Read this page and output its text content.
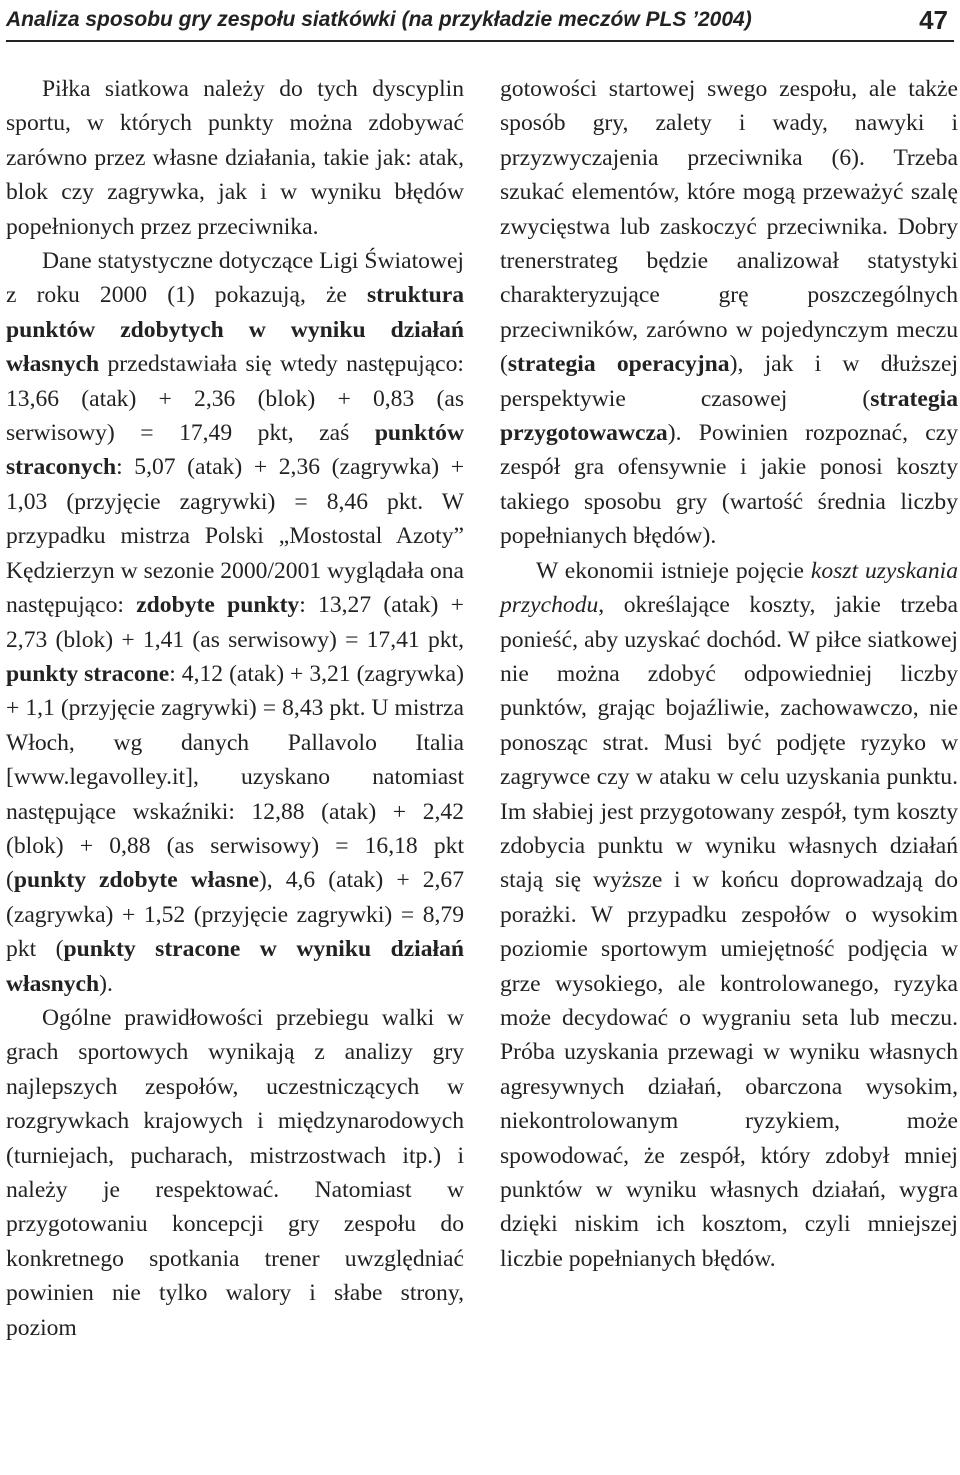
Analiza sposobu gry zespołu siatkówki (na przykładzie meczów PLS ’2004)	47

Piłka siatkowa należy do tych dyscyplin sportu, w których punkty można zdobywać zarówno przez własne działania, takie jak: atak, blok czy zagrywka, jak i w wyniku błędów popełnionych przez przeciwnika.

Dane statystyczne dotyczące Ligi Światowej z roku 2000 (1) pokazują, że struktura punktów zdobytych w wyniku działań własnych przedstawiała się wtedy następująco: 13,66 (atak) + 2,36 (blok) + 0,83 (as serwisowy) = 17,49 pkt, zaś punktów straconych: 5,07 (atak) + 2,36 (zagrywka) + 1,03 (przyjęcie zagrywki) = 8,46 pkt. W przypadku mistrza Polski „Mostostal Azoty” Kędzierzyn w sezonie 2000/2001 wyglądała ona następująco: zdobyte punkty: 13,27 (atak) + 2,73 (blok) + 1,41 (as serwisowy) = 17,41 pkt, punkty stracone: 4,12 (atak) + 3,21 (zagrywka) + 1,1 (przyjęcie zagrywki) = 8,43 pkt. U mistrza Włoch, wg danych Pallavolo Italia [www.legavolley.it], uzyskano natomiast następujące wskaźniki: 12,88 (atak) + 2,42 (blok) + 0,88 (as serwisowy) = 16,18 pkt (punkty zdobyte własne), 4,6 (atak) + 2,67 (zagrywka) + 1,52 (przyjęcie zagrywki) = 8,79 pkt (punkty stracone w wyniku działań własnych).

Ogólne prawidłowości przebiegu walki w grach sportowych wynikają z analizy gry najlepszych zespołów, uczestniczących w rozgrywkach krajowych i międzynarodowych (turniejach, pucharach, mistrzostwach itp.) i należy je respektować. Natomiast w przygotowaniu koncepcji gry zespołu do konkretnego spotkania trener uwzględniać powinien nie tylko walory i słabe strony, poziom

gotowości startowej swego zespołu, ale także sposób gry, zalety i wady, nawyki i przyzwyczajenia przeciwnika (6). Trzeba szukać elementów, które mogą przeważyć szalę zwycięstwa lub zaskoczyć przeciwnika. Dobry trenerstrateg będzie analizował statystyki charakteryzujące grę poszczególnych przeciwników, zarówno w pojedynczym meczu (strategia operacyjna), jak i w dłuższej perspektywie czasowej (strategia przygotowawcza). Powinien rozpoznać, czy zespół gra ofensywnie i jakie ponosi koszty takiego sposobu gry (wartość średnia liczby popełnianych błędów).

W ekonomii istnieje pojęcie koszt uzyskania przychodu, określające koszty, jakie trzeba ponieść, aby uzyskać dochód. W piłce siatkowej nie można zdobyć odpowiedniej liczby punktów, grając bojaźliwie, zachowawczo, nie ponosząc strat. Musi być podjęte ryzyko w zagrywce czy w ataku w celu uzyskania punktu. Im słabiej jest przygotowany zespół, tym koszty zdobycia punktu w wyniku własnych działań stają się wyższe i w końcu doprowadzają do porażki. W przypadku zespołów o wysokim poziomie sportowym umiejętność podjęcia w grze wysokiego, ale kontrolowanego, ryzyka może decydować o wygraniu seta lub meczu. Próba uzyskania przewagi w wyniku własnych agresywnych działań, obarczona wysokim, niekontrolowanym ryzykiem, może spowodować, że zespół, który zdobył mniej punktów w wyniku własnych działań, wygra dzięki niskim ich kosztom, czyli mniejszej liczbie popełnianych błędów.
